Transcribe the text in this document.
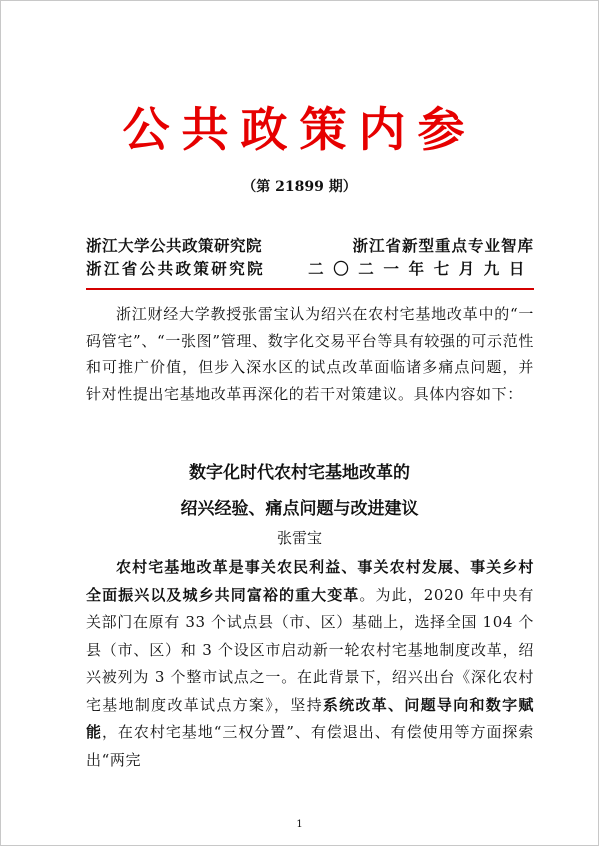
公共政策内参
（第 21899 期）
浙江大学公共政策研究院	浙江省新型重点专业智库
浙江省公共政策研究院	二〇二一年七月九日
浙江财经大学教授张雷宝认为绍兴在农村宅基地改革中的“一码管宅”、“一张图”管理、数字化交易平台等具有较强的可示范性和可推广价值，但步入深水区的试点改革面临诸多痛点问题，并针对性提出宅基地改革再深化的若干对策建议。具体内容如下：
数字化时代农村宅基地改革的
绍兴经验、痛点问题与改进建议
张雷宝
农村宅基地改革是事关农民利益、事关农村发展、事关乡村全面振兴以及城乡共同富裕的重大变革。为此，2020 年中央有关部门在原有 33 个试点县（市、区）基础上，选择全国 104 个县（市、区）和 3 个设区市启动新一轮农村宅基地制度改革，绍兴被列为 3 个整市试点之一。在此背景下，绍兴出台《深化农村宅基地制度改革试点方案》，坚持系统改革、问题导向和数字赋能，在农村宅基地“三权分置”、有偿退出、有偿使用等方面探索出“两完
1
